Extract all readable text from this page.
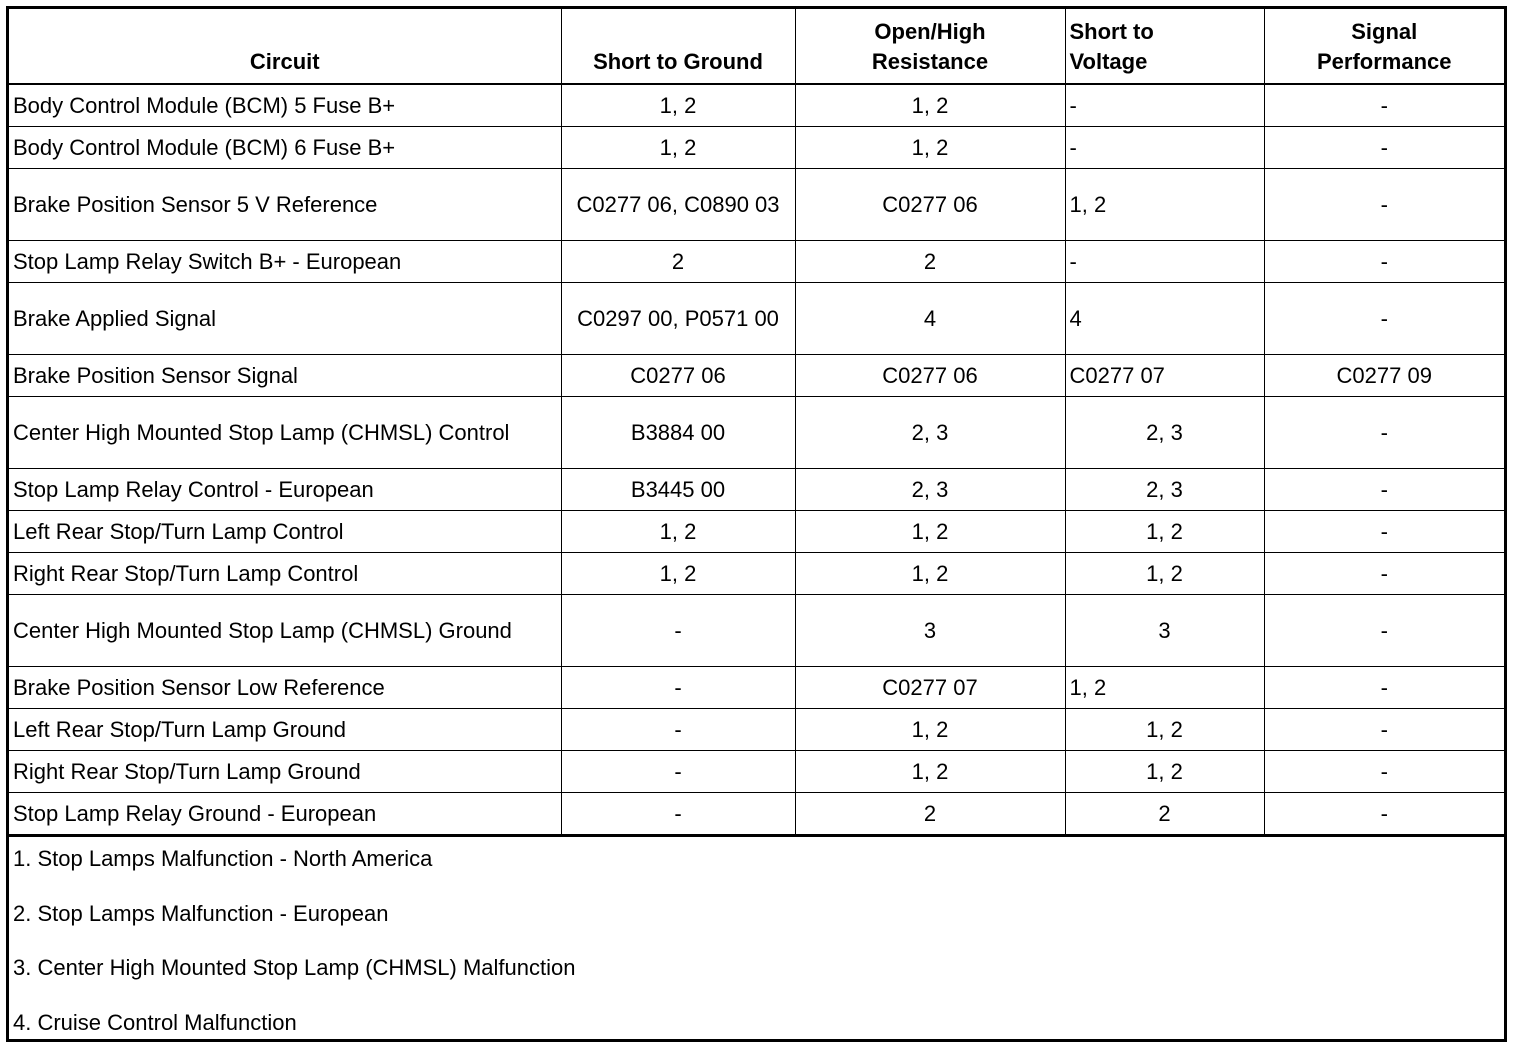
Circuit	Short to Ground	Open/High Resistance	Short to Voltage	Signal Performance
Body Control Module (BCM) 5 Fuse B+	1, 2	1, 2	-	-
Body Control Module (BCM) 6 Fuse B+	1, 2	1, 2	-	-
Brake Position Sensor 5 V Reference	C0277 06, C0890 03	C0277 06	1, 2	-
Stop Lamp Relay Switch B+ - European	2	2	-	-
Brake Applied Signal	C0297 00, P0571 00	4	4	-
Brake Position Sensor Signal	C0277 06	C0277 06	C0277 07	C0277 09
Center High Mounted Stop Lamp (CHMSL) Control	B3884 00	2, 3	2, 3	-
Stop Lamp Relay Control - European	B3445 00	2, 3	2, 3	-
Left Rear Stop/Turn Lamp Control	1, 2	1, 2	1, 2	-
Right Rear Stop/Turn Lamp Control	1, 2	1, 2	1, 2	-
Center High Mounted Stop Lamp (CHMSL) Ground	-	3	3	-
Brake Position Sensor Low Reference	-	C0277 07	1, 2	-
Left Rear Stop/Turn Lamp Ground	-	1, 2	1, 2	-
Right Rear Stop/Turn Lamp Ground	-	1, 2	1, 2	-
Stop Lamp Relay Ground - European	-	2	2	-
1. Stop Lamps Malfunction - North America
2. Stop Lamps Malfunction - European
3. Center High Mounted Stop Lamp (CHMSL) Malfunction
4. Cruise Control Malfunction
